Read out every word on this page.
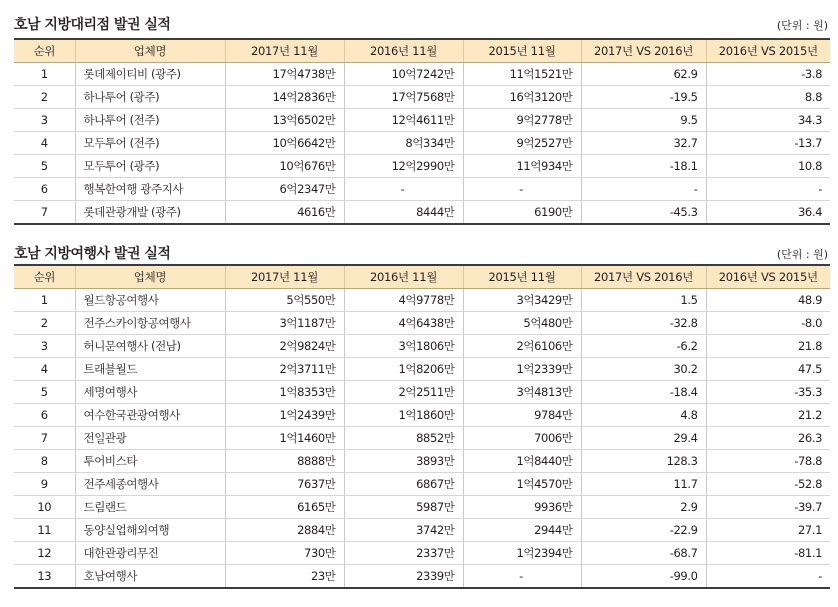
호남 지방대리점 발권 실적	(단위 : 원)
순위	업체명	2017년 11월	2016년 11월	2015년 11월	2017년 VS 2016년	2016년 VS 2015년
1	롯데제이티비 (광주)	17억4738만	10억7242만	11억1521만	62.9	-3.8
2	하나투어 (광주)	14억2836만	17억7568만	16억3120만	-19.5	8.8
3	하나투어 (전주)	13억6502만	12억4611만	9억2778만	9.5	34.3
4	모두투어 (전주)	10억6642만	8억334만	9억2527만	32.7	-13.7
5	모두투어 (광주)	10억676만	12억2990만	11억934만	-18.1	10.8
6	행복한여행 광주지사	6억2347만	-	-	-	-
7	롯데관광개발 (광주)	4616만	8444만	6190만	-45.3	36.4
호남 지방여행사 발권 실적	(단위 : 원)
순위	업체명	2017년 11월	2016년 11월	2015년 11월	2017년 VS 2016년	2016년 VS 2015년
1	월드항공여행사	5억550만	4억9778만	3억3429만	1.5	48.9
2	전주스카이항공여행사	3억1187만	4억6438만	5억480만	-32.8	-8.0
3	허니문여행사 (전남)	2억9824만	3억1806만	2억6106만	-6.2	21.8
4	트래블월드	2억3711만	1억8206만	1억2339만	30.2	47.5
5	세명여행사	1억8353만	2억2511만	3억4813만	-18.4	-35.3
6	여수한국관광여행사	1억2439만	1억1860만	9784만	4.8	21.2
7	전일관광	1억1460만	8852만	7006만	29.4	26.3
8	투어비스타	8888만	3893만	1억8440만	128.3	-78.8
9	전주세종여행사	7637만	6867만	1억4570만	11.7	-52.8
10	드림랜드	6165만	5987만	9936만	2.9	-39.7
11	동양실업해외여행	2884만	3742만	2944만	-22.9	27.1
12	대한관광리무진	730만	2337만	1억2394만	-68.7	-81.1
13	호남여행사	23만	2339만	-	-99.0	-
